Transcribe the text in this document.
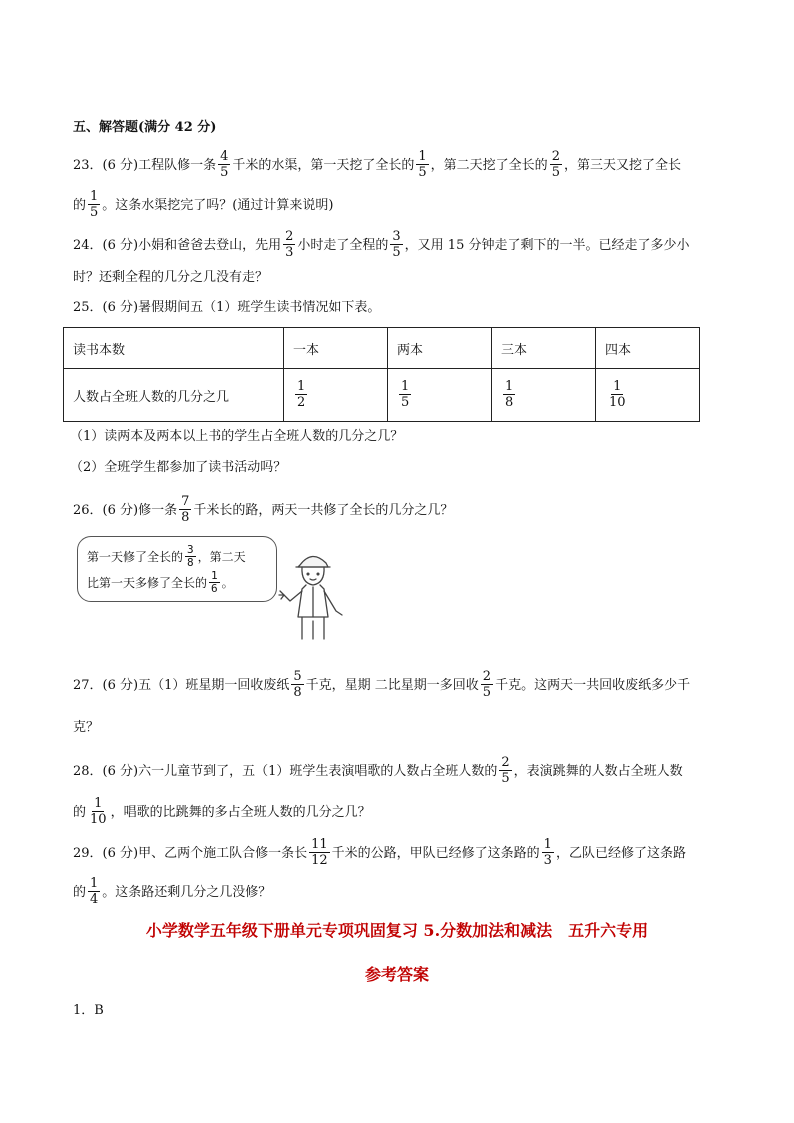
五、解答题(满分 42 分)
23．(6 分)工程队修一条 $\frac{4}{5}$ 千米的水渠，第一天挖了全长的 $\frac{1}{5}$ ，第二天挖了全长的 $\frac{2}{5}$ ，第三天又挖了全长
的 $\frac{1}{5}$ 。这条水渠挖完了吗？(通过计算来说明)
24．(6 分)小娟和爸爸去登山，先用 $\frac{2}{3}$ 小时走了全程的 $\frac{3}{5}$ ，又用 15 分钟走了剩下的一半。已经走了多少小
时？还剩全程的几分之几没有走？
25．(6 分)暑假期间五（1）班学生读书情况如下表。
读书本数	一本	两本	三本	四本
人数占全班人数的几分之几	$\frac{1}{2}$	$\frac{1}{5}$	$\frac{1}{8}$	$\frac{1}{10}$
（1）读两本及两本以上书的学生占全班人数的几分之几？
（2）全班学生都参加了读书活动吗？
26．(6 分)修一条 $\frac{7}{8}$ 千米长的路，两天一共修了全长的几分之几？
第一天修了全长的 $\frac{3}{8}$ ，第二天
比第一天多修了全长的 $\frac{1}{6}$ 。
27．(6 分)五（1）班星期一回收废纸 $\frac{5}{8}$ 千克，星期 二比星期一多回收 $\frac{2}{5}$ 千克。这两天一共回收废纸多少千
克？
28．(6 分)六一儿童节到了，五（1）班学生表演唱歌的人数占全班人数的 $\frac{2}{5}$ ，表演跳舞的人数占全班人数
的 $\frac{1}{10}$ ，唱歌的比跳舞的多占全班人数的几分之几？
29．(6 分)甲、乙两个施工队合修一条长 $\frac{11}{12}$ 千米的公路，甲队已经修了这条路的 $\frac{1}{3}$ ，乙队已经修了这条路
的 $\frac{1}{4}$ 。这条路还剩几分之几没修？
小学数学五年级下册单元专项巩固复习 5.分数加法和减法　五升六专用
参考答案
1．B
